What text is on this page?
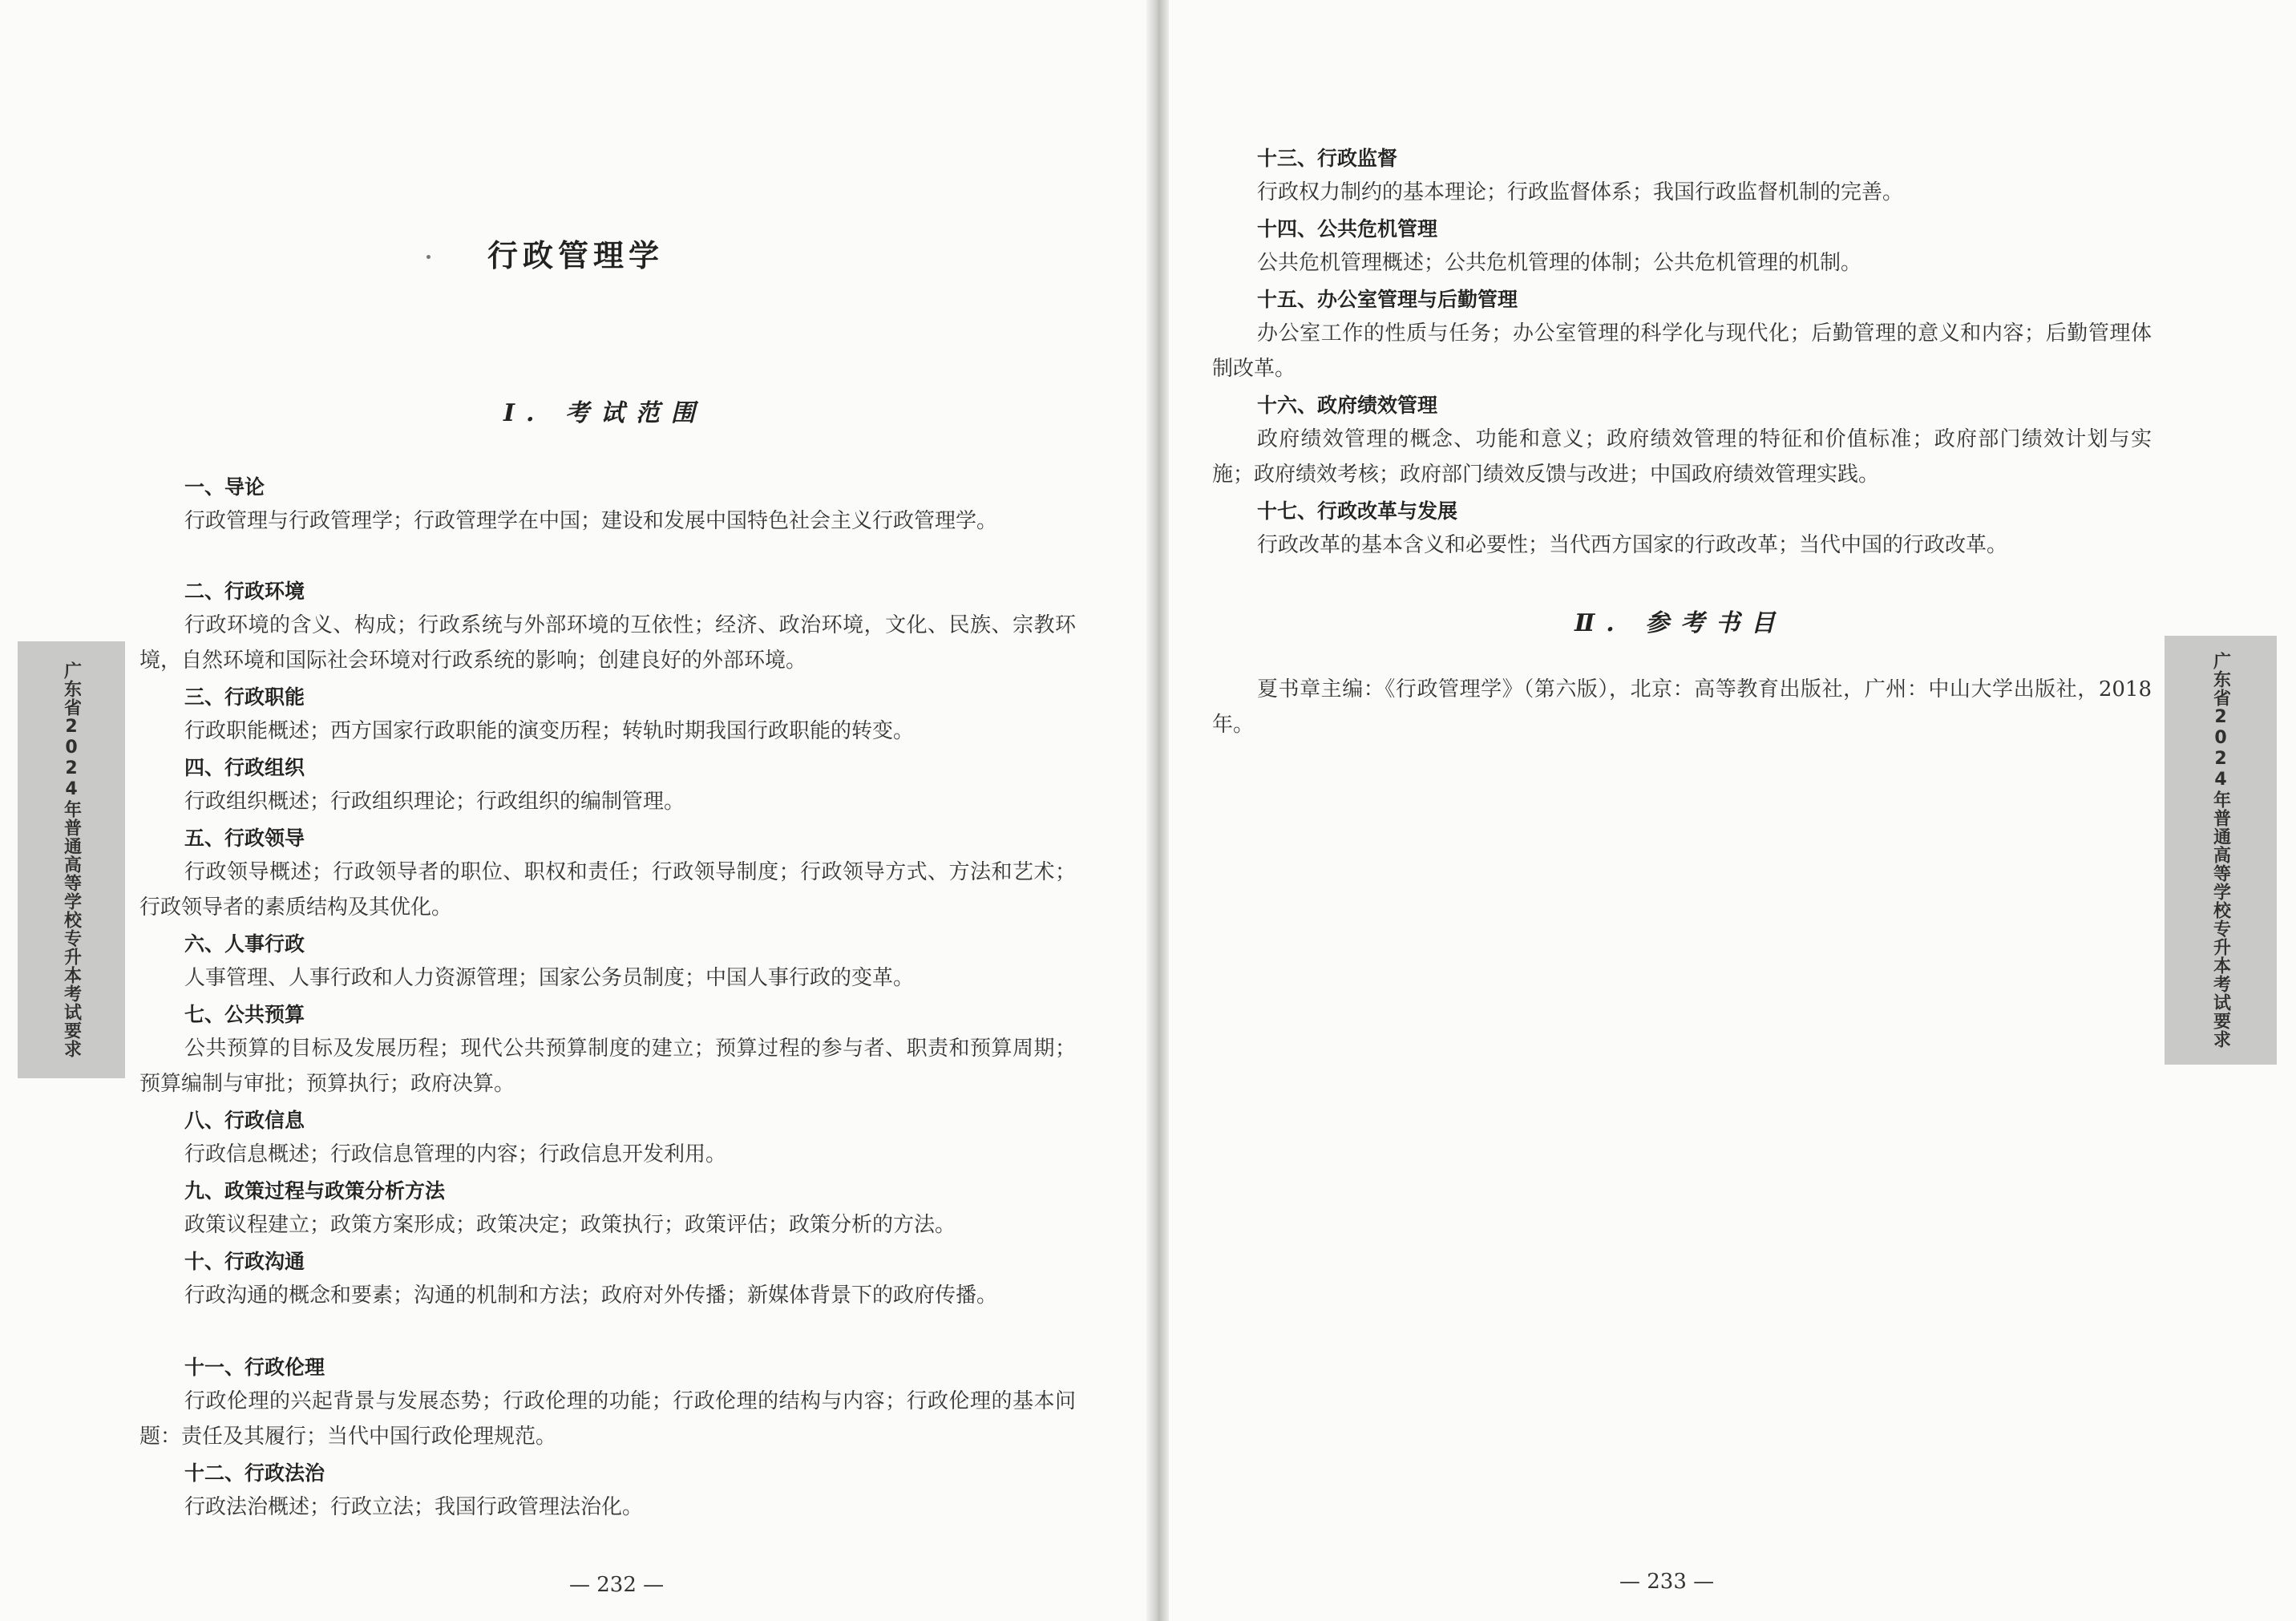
广东省2024年普通高等学校专升本考试要求	广东省2024年普通高等学校专升本考试要求
行政管理学
Ⅰ. 考试范围
一、导论

行政管理与行政管理学；行政管理学在中国；建设和发展中国特色社会主义行政管理学。

二、行政环境

行政环境的含义、构成；行政系统与外部环境的互依性；经济、政治环境，文化、民族、宗教环境，自然环境和国际社会环境对行政系统的影响；创建良好的外部环境。

三、行政职能

行政职能概述；西方国家行政职能的演变历程；转轨时期我国行政职能的转变。

四、行政组织

行政组织概述；行政组织理论；行政组织的编制管理。

五、行政领导

行政领导概述；行政领导者的职位、职权和责任；行政领导制度；行政领导方式、方法和艺术；行政领导者的素质结构及其优化。

六、人事行政

人事管理、人事行政和人力资源管理；国家公务员制度；中国人事行政的变革。

七、公共预算

公共预算的目标及发展历程；现代公共预算制度的建立；预算过程的参与者、职责和预算周期；预算编制与审批；预算执行；政府决算。

八、行政信息

行政信息概述；行政信息管理的内容；行政信息开发利用。

九、政策过程与政策分析方法

政策议程建立；政策方案形成；政策决定；政策执行；政策评估；政策分析的方法。

十、行政沟通

行政沟通的概念和要素；沟通的机制和方法；政府对外传播；新媒体背景下的政府传播。

十一、行政伦理

行政伦理的兴起背景与发展态势；行政伦理的功能；行政伦理的结构与内容；行政伦理的基本问题：责任及其履行；当代中国行政伦理规范。

十二、行政法治

行政法治概述；行政立法；我国行政管理法治化。

十三、行政监督

行政权力制约的基本理论；行政监督体系；我国行政监督机制的完善。

十四、公共危机管理

公共危机管理概述；公共危机管理的体制；公共危机管理的机制。

十五、办公室管理与后勤管理

办公室工作的性质与任务；办公室管理的科学化与现代化；后勤管理的意义和内容；后勤管理体制改革。

十六、政府绩效管理

政府绩效管理的概念、功能和意义；政府绩效管理的特征和价值标准；政府部门绩效计划与实施；政府绩效考核；政府部门绩效反馈与改进；中国政府绩效管理实践。

十七、行政改革与发展

行政改革的基本含义和必要性；当代西方国家的行政改革；当代中国的行政改革。

Ⅱ. 参考书目

夏书章主编：《行政管理学》（第六版），北京：高等教育出版社，广州：中山大学出版社，2018 年。

— 232 —	— 233 —
